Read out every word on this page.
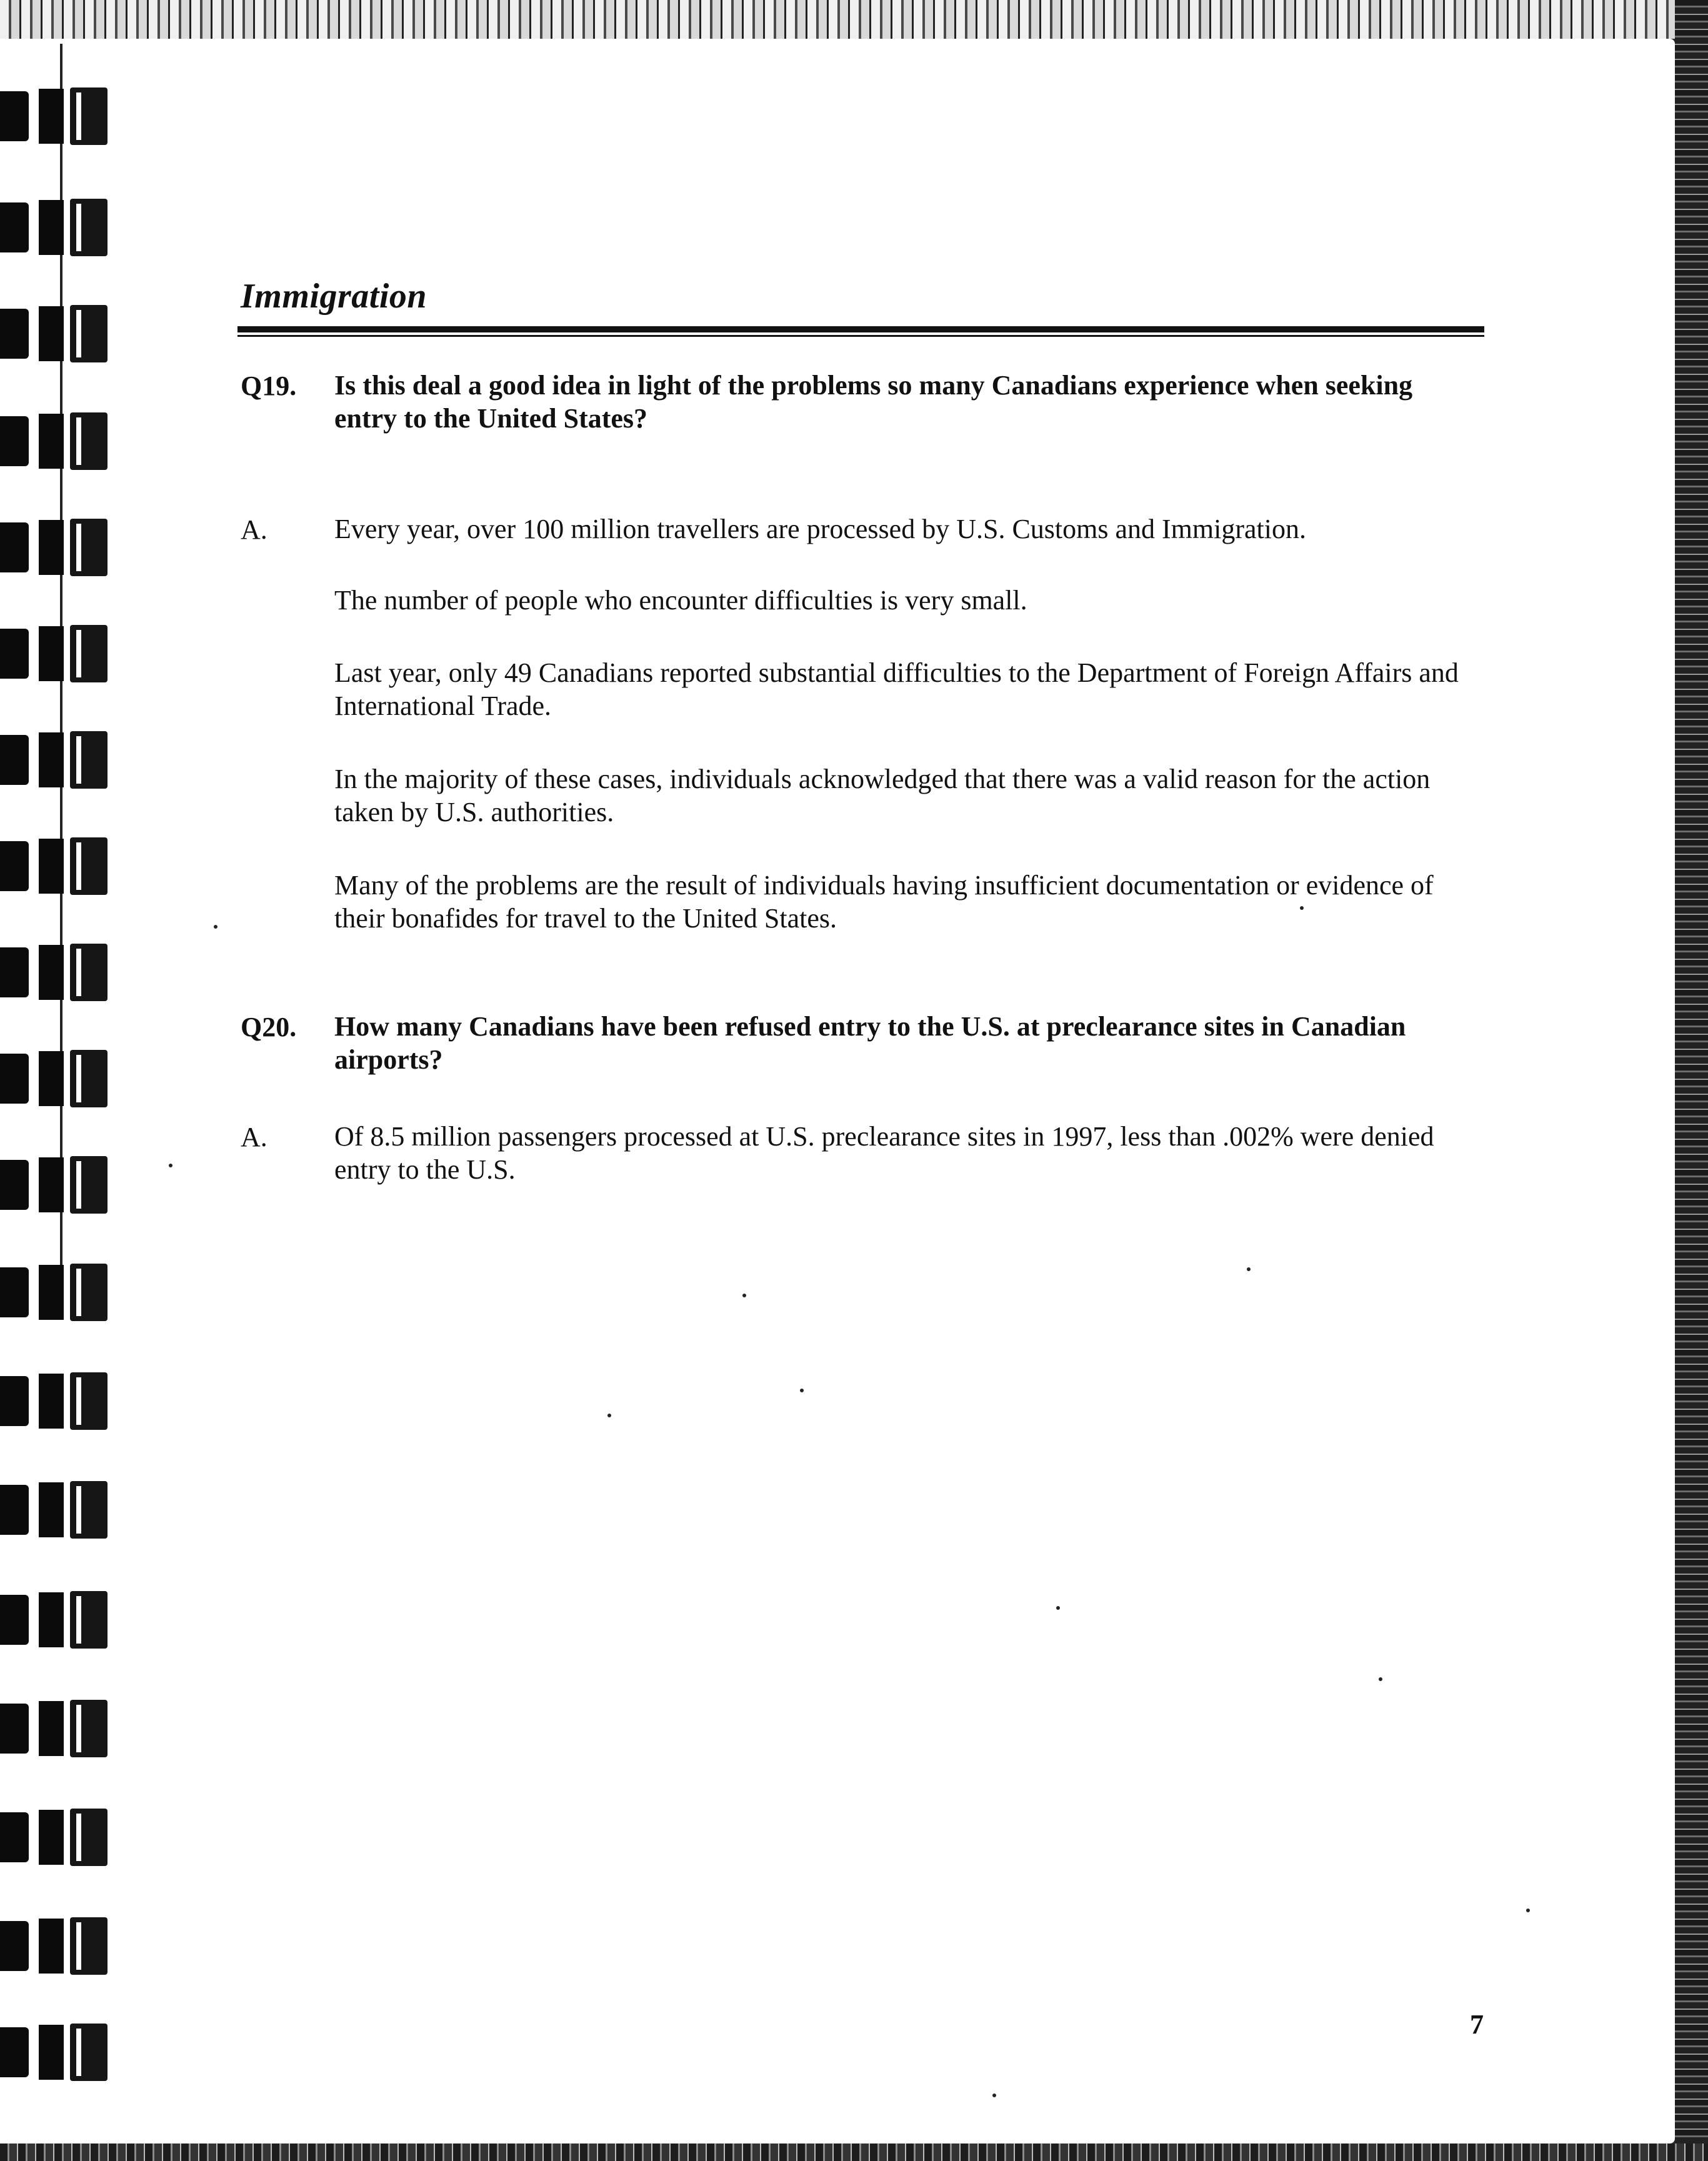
Immigration
Q19. Is this deal a good idea in light of the problems so many Canadians experience when seeking entry to the United States?
A. Every year, over 100 million travellers are processed by U.S. Customs and Immigration.
The number of people who encounter difficulties is very small.
Last year, only 49 Canadians reported substantial difficulties to the Department of Foreign Affairs and International Trade.
In the majority of these cases, individuals acknowledged that there was a valid reason for the action taken by U.S. authorities.
Many of the problems are the result of individuals having insufficient documentation or evidence of their bonafides for travel to the United States.
Q20. How many Canadians have been refused entry to the U.S. at preclearance sites in Canadian airports?
A. Of 8.5 million passengers processed at U.S. preclearance sites in 1997, less than .002% were denied entry to the U.S.
7
